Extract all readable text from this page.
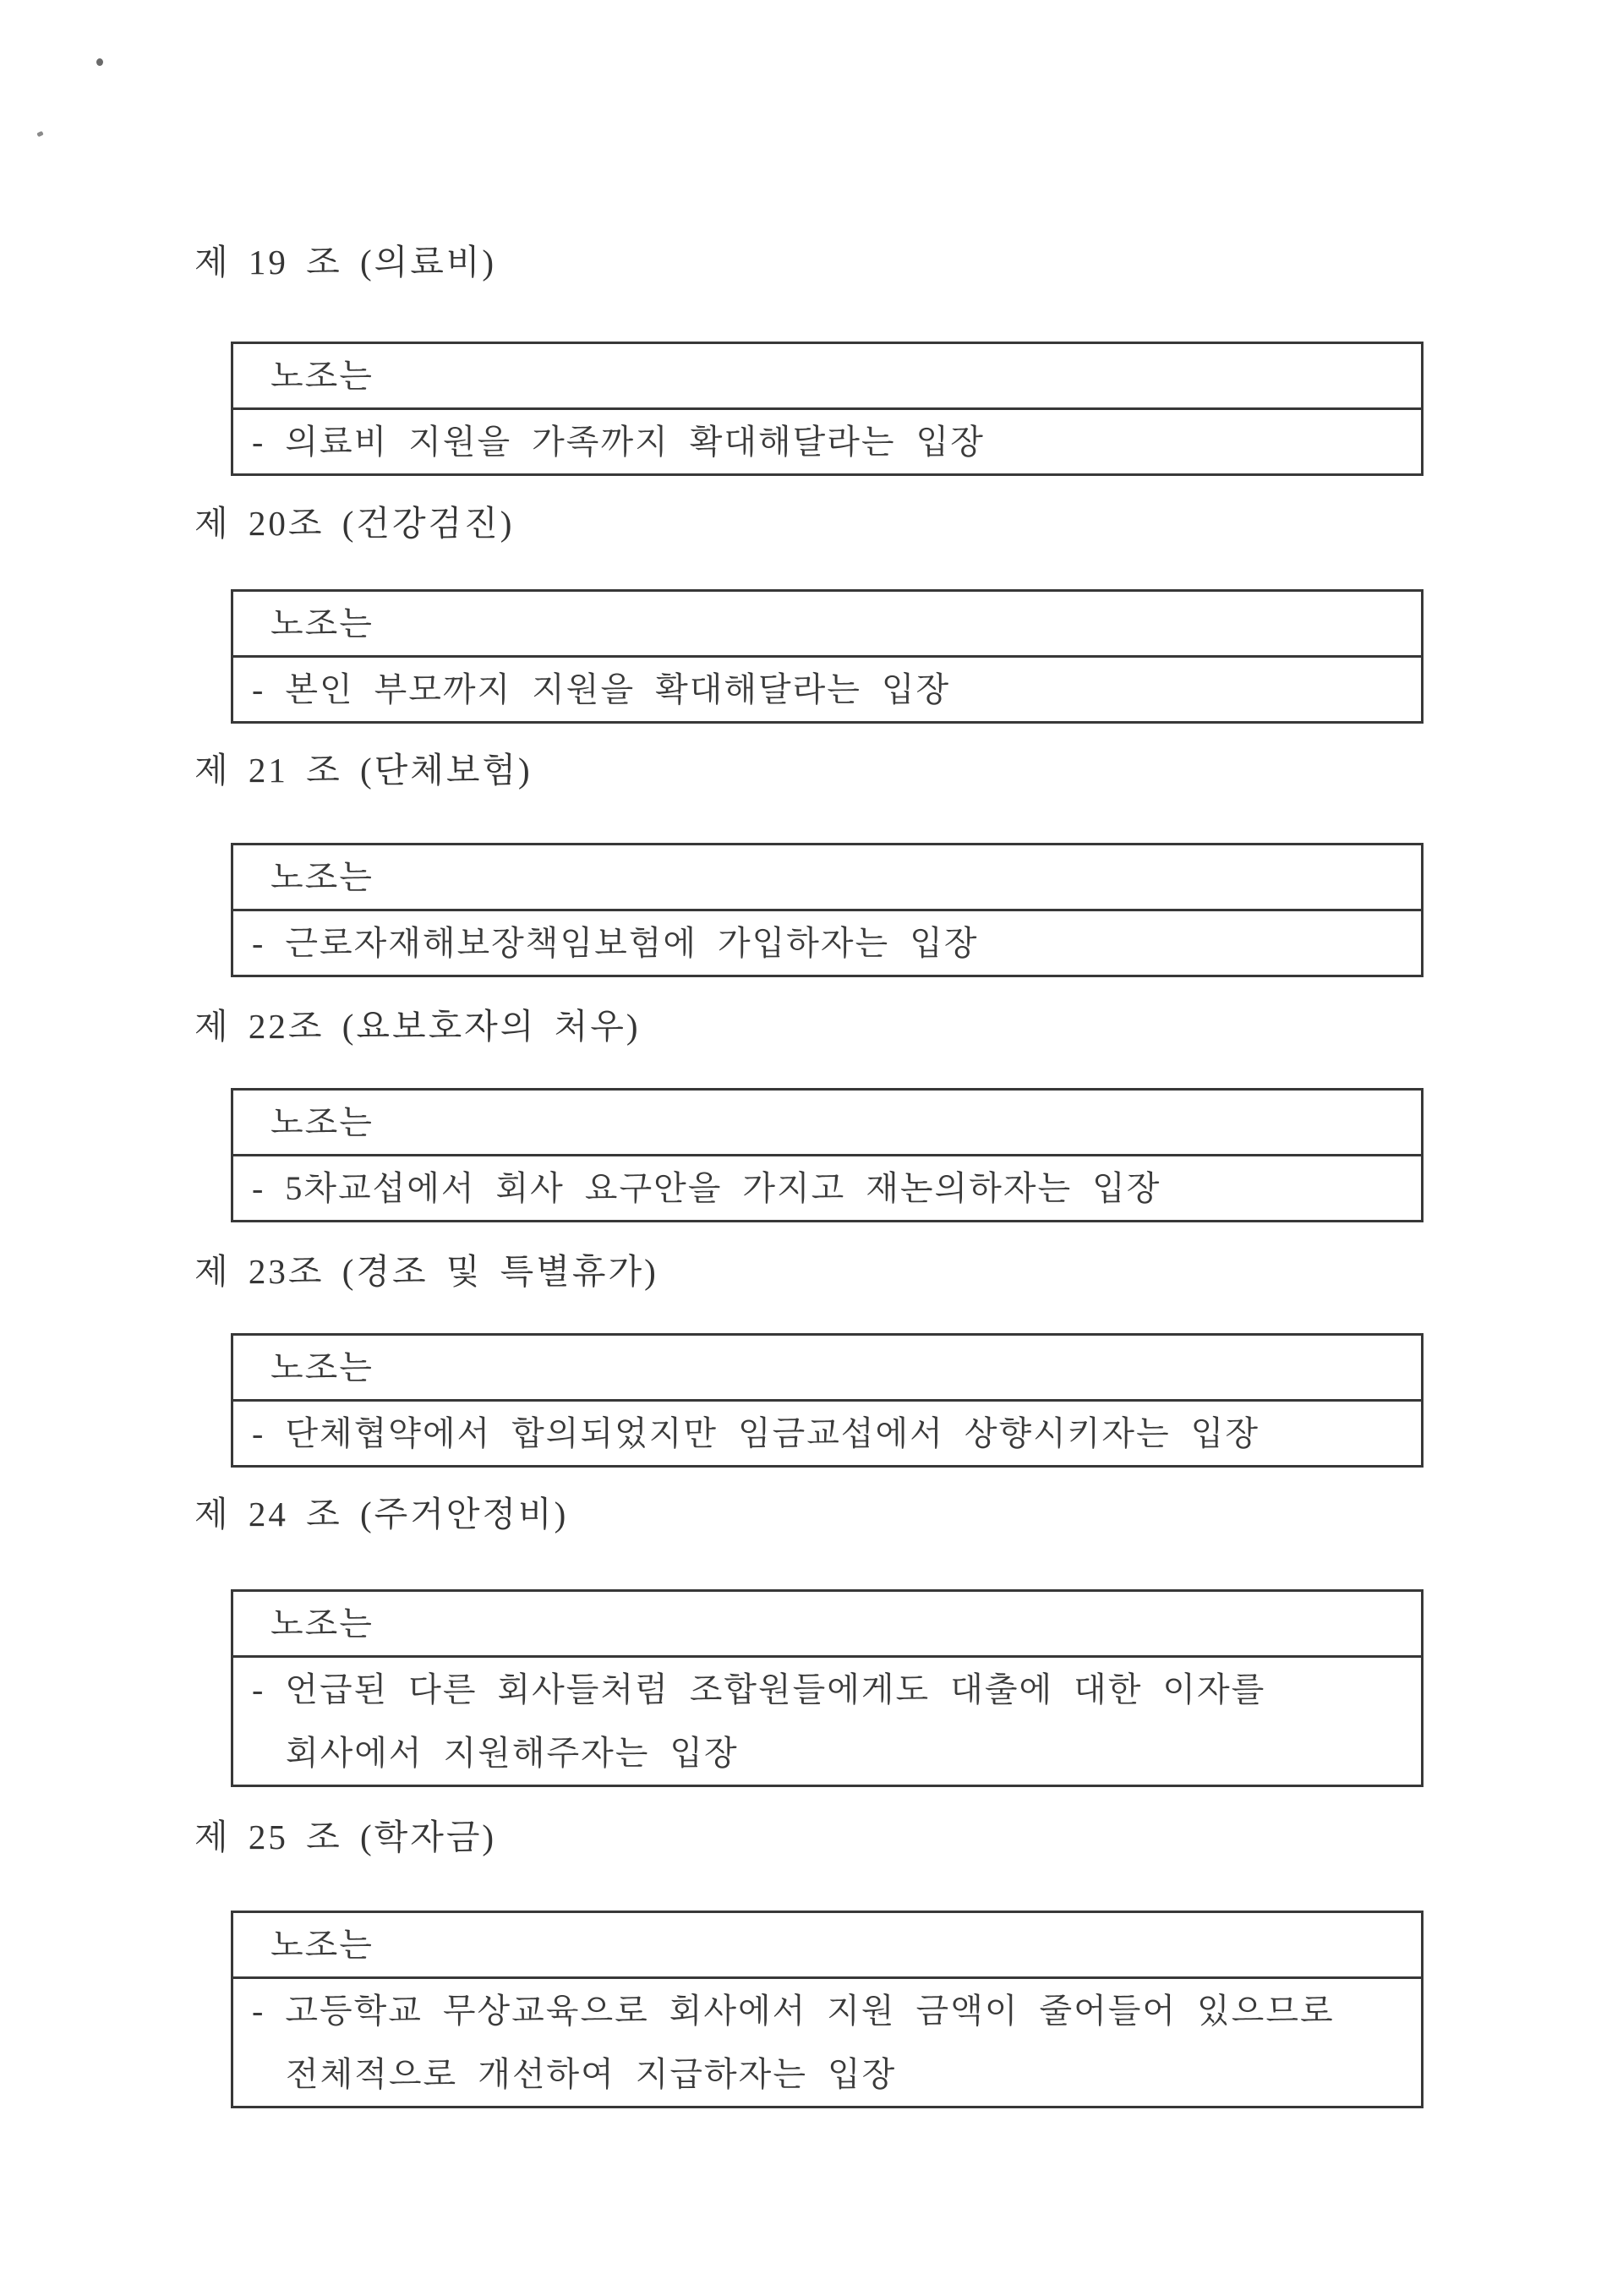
제 19 조 (의료비)
노조는
- 의료비 지원을 가족까지 확대해달라는 입장
제 20조 (건강검진)
노조는
- 본인 부모까지 지원을 확대해달라는 입장
제 21 조 (단체보험)
노조는
- 근로자재해보장책임보험에 가입하자는 입장
제 22조 (요보호자의 처우)
노조는
- 5차교섭에서 회사 요구안을 가지고 재논의하자는 입장
제 23조 (경조 및 특별휴가)
노조는
- 단체협약에서 합의되었지만 임금교섭에서 상향시키자는 입장
제 24 조 (주거안정비)
노조는
- 언급된 다른 회사들처럼 조합원들에게도 대출에 대한 이자를
회사에서 지원해주자는 입장
제 25 조 (학자금)
노조는
- 고등학교 무상교육으로 회사에서 지원 금액이 줄어들어 있으므로
전체적으로 개선하여 지급하자는 입장
